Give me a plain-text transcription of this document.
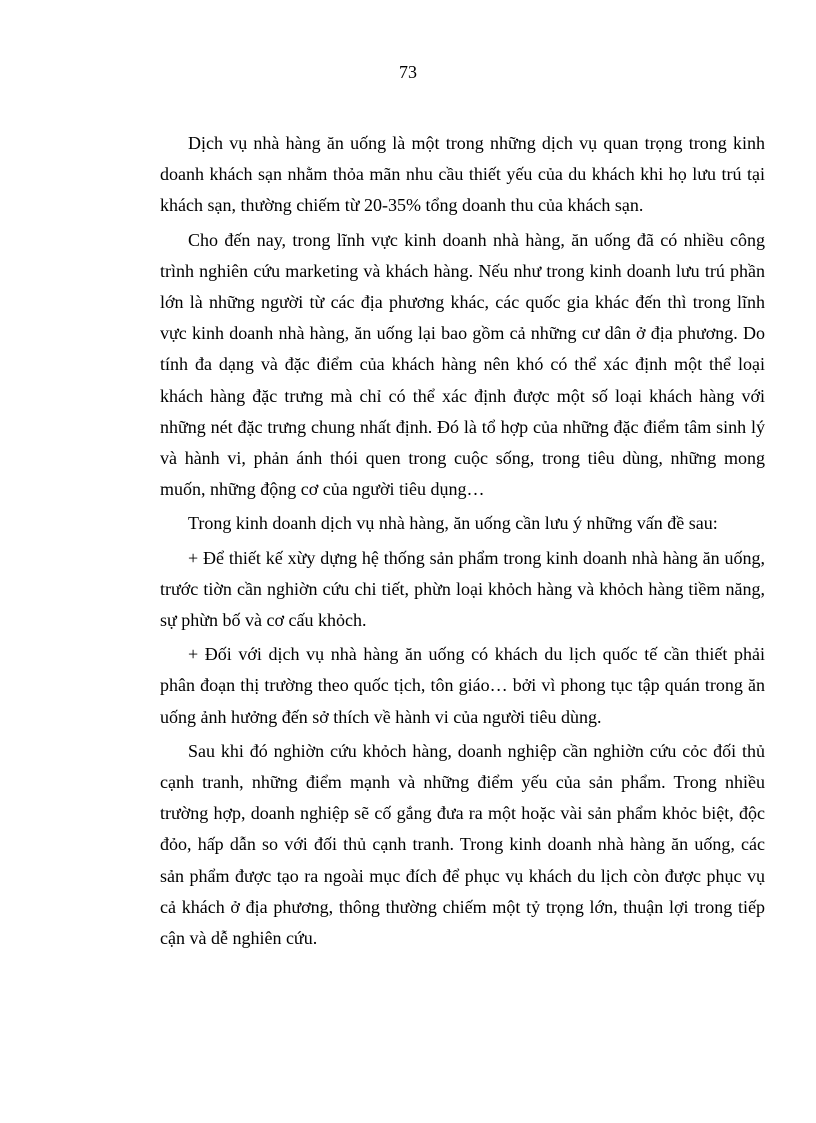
73

Dịch vụ nhà hàng ăn uống là một trong những dịch vụ quan trọng trong kinh doanh khách sạn nhằm thỏa mãn nhu cầu thiết yếu của du khách khi họ lưu trú tại khách sạn, thường chiếm từ 20-35% tổng doanh thu của khách sạn.

Cho đến nay, trong lĩnh vực kinh doanh nhà hàng, ăn uống đã có nhiều công trình nghiên cứu marketing và khách hàng. Nếu như trong kinh doanh lưu trú phần lớn là những người từ các địa phương khác, các quốc gia khác đến thì trong lĩnh vực kinh doanh nhà hàng, ăn uống lại bao gồm cả những cư dân ở địa phương. Do tính đa dạng và đặc điểm của khách hàng nên khó có thể xác định một thể loại khách hàng đặc trưng mà chỉ có thể xác định được một số loại khách hàng với những nét đặc trưng chung nhất định. Đó là tổ hợp của những đặc điểm tâm sinh lý và hành vi, phản ánh thói quen trong cuộc sống, trong tiêu dùng, những mong muốn, những động cơ của người tiêu dụng…

Trong kinh doanh dịch vụ nhà hàng, ăn uống cần lưu ý những vấn đề sau:

+ Để thiết kế xừy dựng hệ thống sản phẩm trong kinh doanh nhà hàng ăn uống, trước tiờn cần nghiờn cứu chi tiết, phừn loại khỏch hàng và khỏch hàng tiềm năng, sự phừn bố và cơ cấu khỏch.

+ Đối với dịch vụ nhà hàng ăn uống có khách du lịch quốc tế cần thiết phải phân đoạn thị trường theo quốc tịch, tôn giáo… bởi vì phong tục tập quán trong ăn uống ảnh hưởng đến sở thích về hành vi của người tiêu dùng.

Sau khi đó nghiờn cứu khỏch hàng, doanh nghiệp cần nghiờn cứu cỏc đối thủ cạnh tranh, những điểm mạnh và những điểm yếu của sản phẩm. Trong nhiều trường hợp, doanh nghiệp sẽ cố gắng đưa ra một hoặc vài sản phẩm khỏc biệt, độc đỏo, hấp dẫn so với đối thủ cạnh tranh. Trong kinh doanh nhà hàng ăn uống, các sản phẩm được tạo ra ngoài mục đích để phục vụ khách du lịch còn được phục vụ cả khách ở địa phương, thông thường chiếm một tỷ trọng lớn, thuận lợi trong tiếp cận và dễ nghiên cứu.
